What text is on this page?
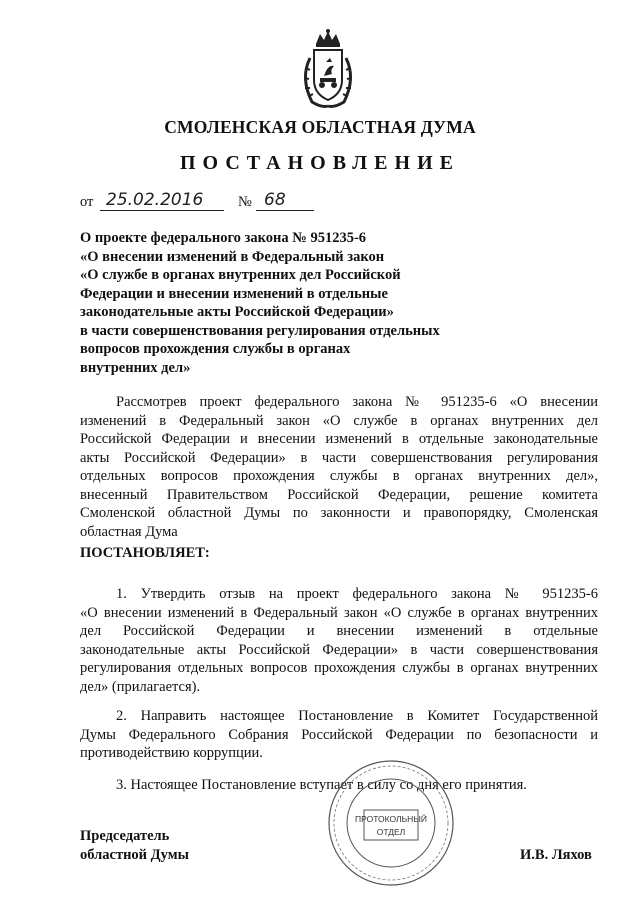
СМОЛЕНСКАЯ ОБЛАСТНАЯ ДУМА
ПОСТАНОВЛЕНИЕ
от 25.02.2016	№ 68
О проекте федерального закона № 951235-6
«О внесении изменений в Федеральный закон
«О службе в органах внутренних дел Российской
Федерации и внесении изменений в отдельные
законодательные акты Российской Федерации»
в части совершенствования регулирования отдельных
вопросов прохождения службы в органах
внутренних дел»
Рассмотрев проект федерального закона № 951235-6 «О внесении
изменений в Федеральный закон «О службе в органах внутренних дел
Российской Федерации и внесении изменений в отдельные законодательные
акты Российской Федерации» в части совершенствования регулирования
отдельных вопросов прохождения службы в органах внутренних дел»,
внесенный Правительством Российской Федерации, решение комитета
Смоленской областной Думы по законности и правопорядку, Смоленская
областная Дума
ПОСТАНОВЛЯЕТ:
1. Утвердить отзыв на проект федерального закона № 951235-6
«О внесении изменений в Федеральный закон «О службе в органах внутренних
дел Российской Федерации и внесении изменений в отдельные
законодательные акты Российской Федерации» в части совершенствования
регулирования отдельных вопросов прохождения службы в органах внутренних
дел» (прилагается).
2. Направить настоящее Постановление в Комитет Государственной
Думы Федерального Собрания Российской Федерации по безопасности и
противодействию коррупции.
3. Настоящее Постановление вступает в силу со дня его принятия.
ПРОТОКОЛЬНЫЙ
ОТДЕЛ
Председатель
областной Думы	И.В. Ляхов
